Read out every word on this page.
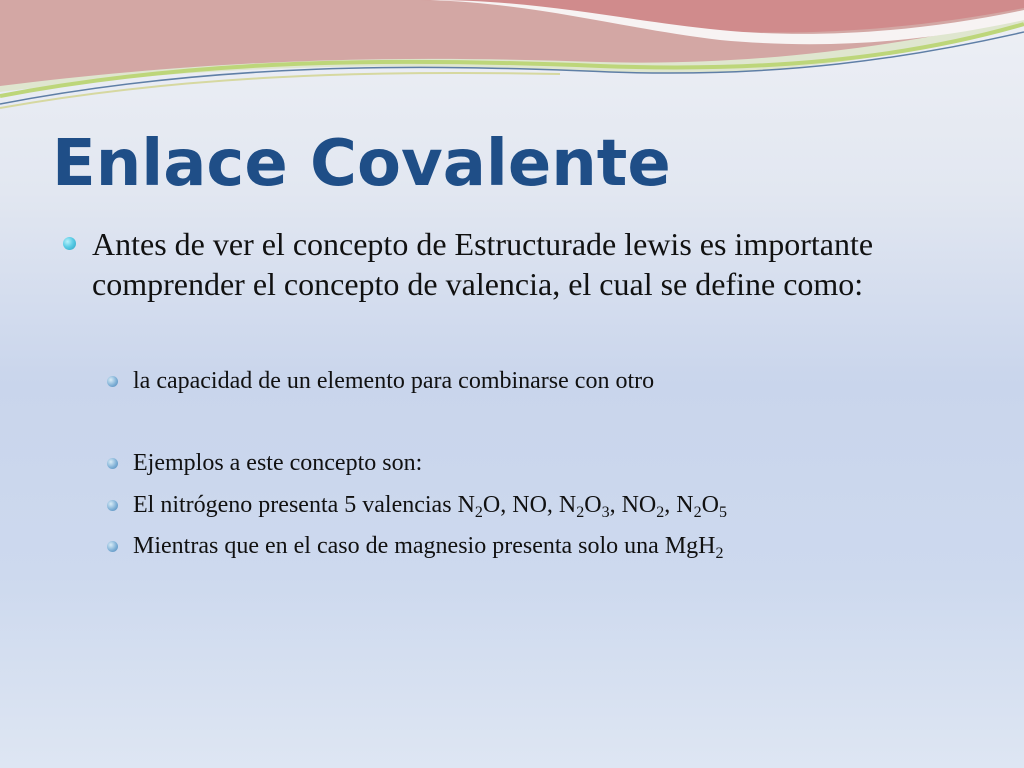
Enlace Covalente
Antes de ver el concepto de Estructurade lewis es importante comprender el concepto de valencia, el cual se define como:
la capacidad de un elemento para combinarse con otro
Ejemplos a este concepto son:
El nitrógeno presenta 5 valencias $N_2O$, NO, $N_2O_3$, $NO_2$, $N_2O_5$
Mientras que en el caso de magnesio presenta solo una MgH$_2$
